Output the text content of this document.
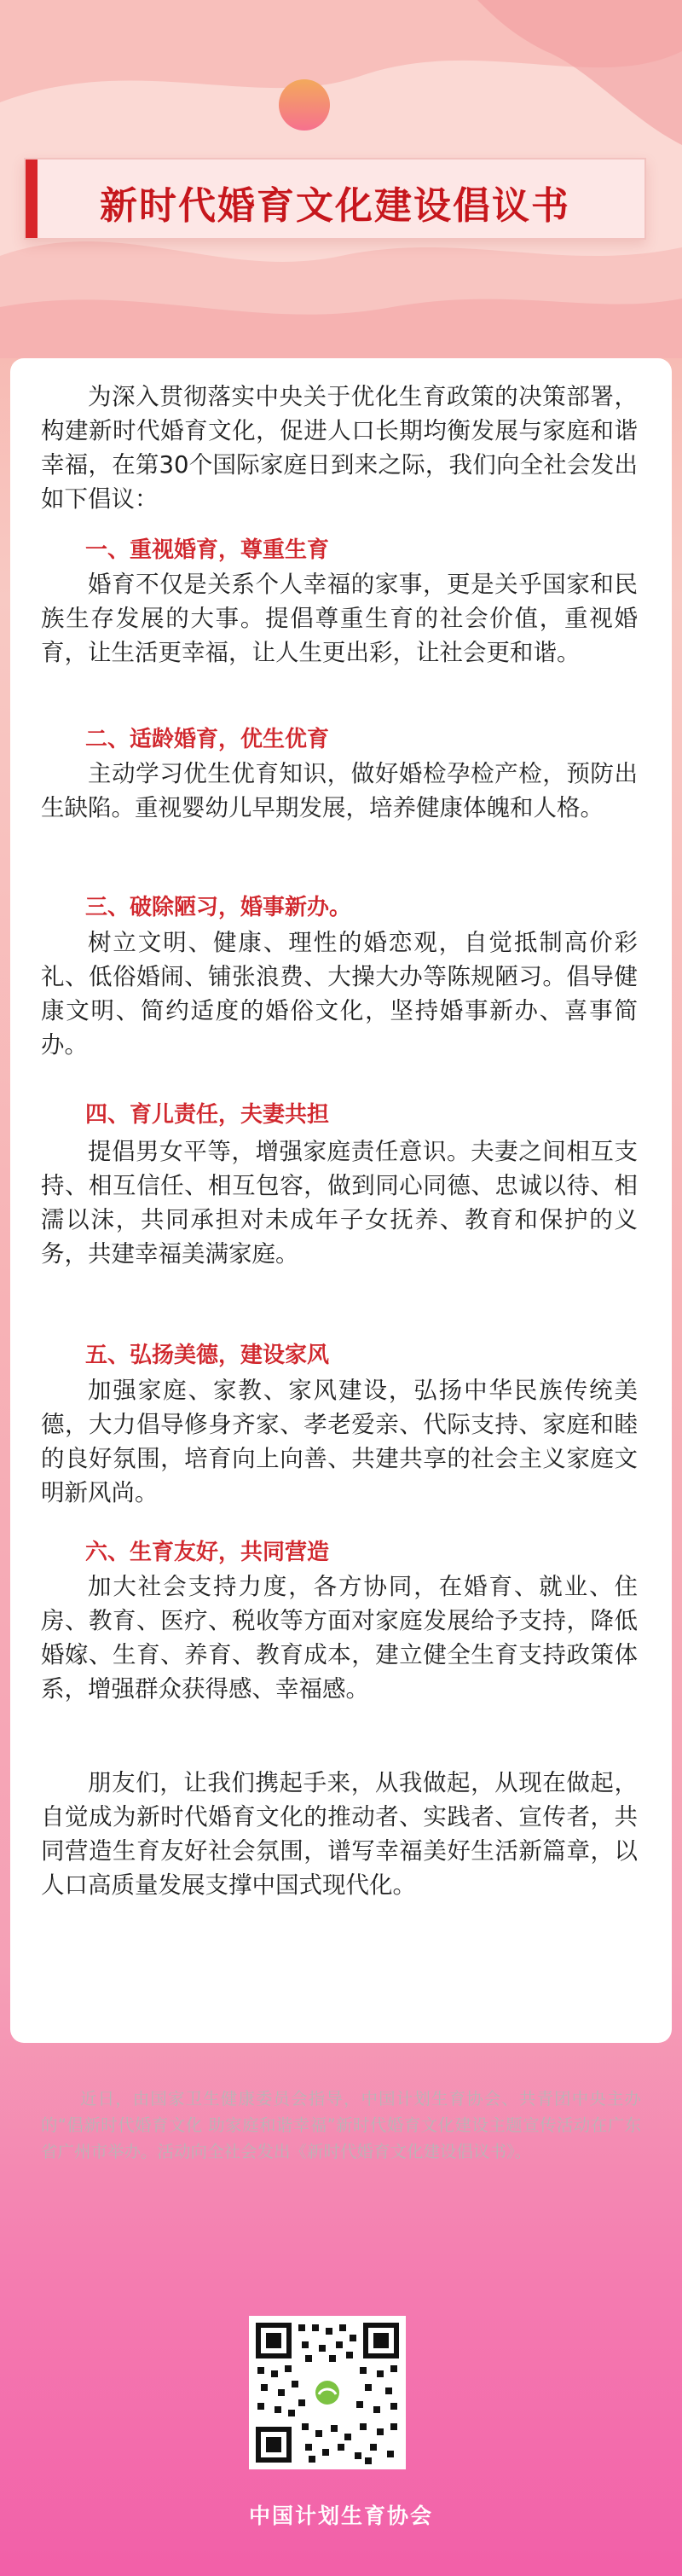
新时代婚育文化建设倡议书

为深入贯彻落实中央关于优化生育政策的决策部署，构建新时代婚育文化，促进人口长期均衡发展与家庭和谐幸福，在第30个国际家庭日到来之际，我们向全社会发出如下倡议：

一、重视婚育，尊重生育

婚育不仅是关系个人幸福的家事，更是关乎国家和民族生存发展的大事。提倡尊重生育的社会价值，重视婚育，让生活更幸福，让人生更出彩，让社会更和谐。

二、适龄婚育，优生优育

主动学习优生优育知识，做好婚检孕检产检，预防出生缺陷。重视婴幼儿早期发展，培养健康体魄和人格。

三、破除陋习，婚事新办。

树立文明、健康、理性的婚恋观，自觉抵制高价彩礼、低俗婚闹、铺张浪费、大操大办等陈规陋习。倡导健康文明、简约适度的婚俗文化，坚持婚事新办、喜事简办。

四、育儿责任，夫妻共担

提倡男女平等，增强家庭责任意识。夫妻之间相互支持、相互信任、相互包容，做到同心同德、忠诚以待、相濡以沫，共同承担对未成年子女抚养、教育和保护的义务，共建幸福美满家庭。

五、弘扬美德，建设家风

加强家庭、家教、家风建设，弘扬中华民族传统美德，大力倡导修身齐家、孝老爱亲、代际支持、家庭和睦的良好氛围，培育向上向善、共建共享的社会主义家庭文明新风尚。

六、生育友好，共同营造

加大社会支持力度，各方协同，在婚育、就业、住房、教育、医疗、税收等方面对家庭发展给予支持，降低婚嫁、生育、养育、教育成本，建立健全生育支持政策体系，增强群众获得感、幸福感。

朋友们，让我们携起手来，从我做起，从现在做起，自觉成为新时代婚育文化的推动者、实践者、宣传者，共同营造生育友好社会氛围，谱写幸福美好生活新篇章，以人口高质量发展支撑中国式现代化。

近日，由国家卫生健康委员会指导，中国计划生育协会、共青团中央主办的“倡新时代婚育文化 助家庭和谐幸福”新时代婚育文化建设主题宣传活动在广东省广州市举办。活动向全社会发出《新时代婚育文化建设倡议书》。

中国计划生育协会
